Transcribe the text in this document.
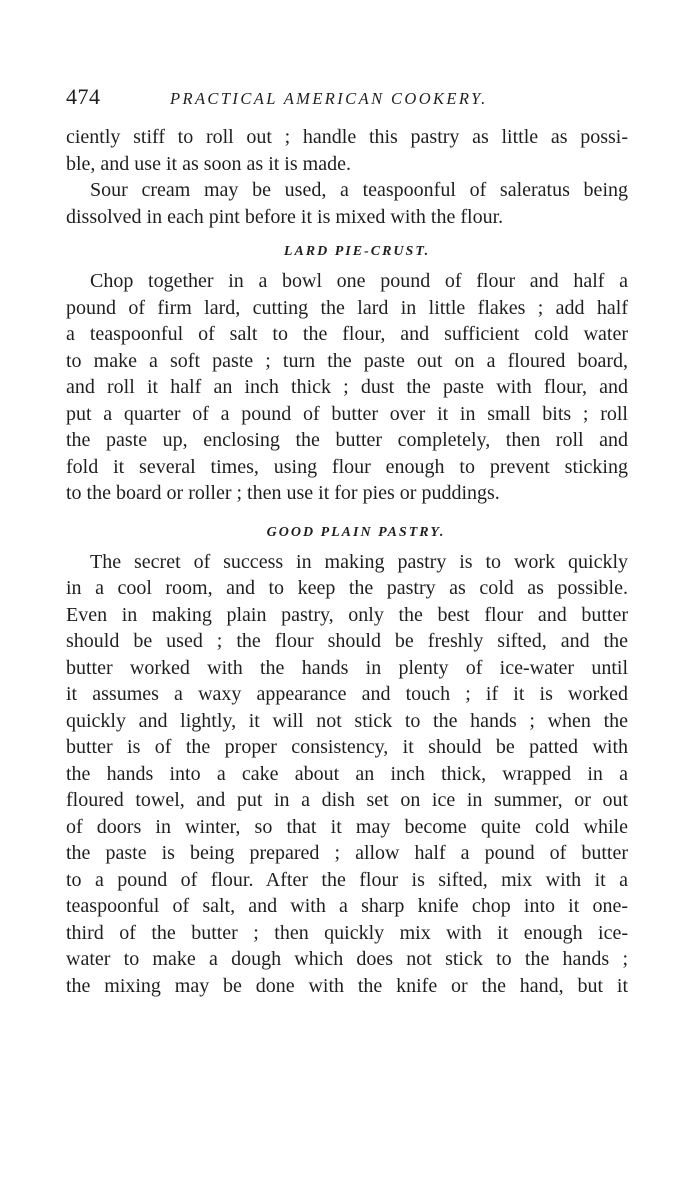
474	PRACTICAL AMERICAN COOKERY.

ciently stiff to roll out ; handle this pastry as little as possi-

ble, and use it as soon as it is made.

Sour cream may be used, a teaspoonful of saleratus being

dissolved in each pint before it is mixed with the flour.

LARD PIE-CRUST.

Chop together in a bowl one pound of flour and half a

pound of firm lard, cutting the lard in little flakes ; add half

a teaspoonful of salt to the flour, and sufficient cold water

to make a soft paste ; turn the paste out on a floured board,

and roll it half an inch thick ; dust the paste with flour, and

put a quarter of a pound of butter over it in small bits ; roll

the paste up, enclosing the butter completely, then roll and

fold it several times, using flour enough to prevent sticking

to the board or roller ; then use it for pies or puddings.

GOOD PLAIN PASTRY.

The secret of success in making pastry is to work quickly

in a cool room, and to keep the pastry as cold as possible.

Even in making plain pastry, only the best flour and butter

should be used ; the flour should be freshly sifted, and the

butter worked with the hands in plenty of ice-water until

it assumes a waxy appearance and touch ; if it is worked

quickly and lightly, it will not stick to the hands ; when the

butter is of the proper consistency, it should be patted with

the hands into a cake about an inch thick, wrapped in a

floured towel, and put in a dish set on ice in summer, or out

of doors in winter, so that it may become quite cold while

the paste is being prepared ; allow half a pound of butter

to a pound of flour. After the flour is sifted, mix with it a

teaspoonful of salt, and with a sharp knife chop into it one-

third of the butter ; then quickly mix with it enough ice-

water to make a dough which does not stick to the hands ;

the mixing may be done with the knife or the hand, but it
